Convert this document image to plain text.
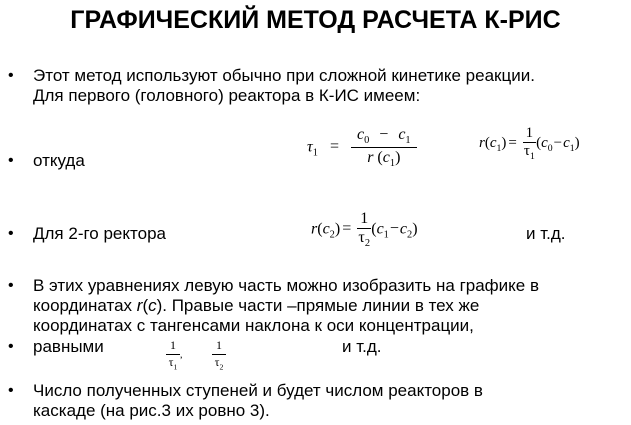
ГРАФИЧЕСКИЙ МЕТОД РАСЧЕТА К-РИС
• Этот метод используют обычно при сложной кинетике реакции.
Для первого (головного) реактора в К-ИС имеем:
• откуда
$\tau_1 = \frac{c_0 - c_1}{r (c_1)}$	$r(c_1) = \frac{1}{\tau_1} (c_0-c_1)$
• Для 2-го ректора	$r(c_2) = \frac{1}{\tau_2} (c_1-c_2)$	и т.д.
• В этих уравнениях левую часть можно изобразить на графике в
координатах r(c). Правые части –прямые линии в тех же
координатах с тангенсами наклона к оси концентрации,
• равными	$\frac{1}{\tau_1}$ , $\frac{1}{\tau_2}$	и т.д.
• Число полученных ступеней и будет числом реакторов в
каскаде (на рис.3 их ровно 3).
